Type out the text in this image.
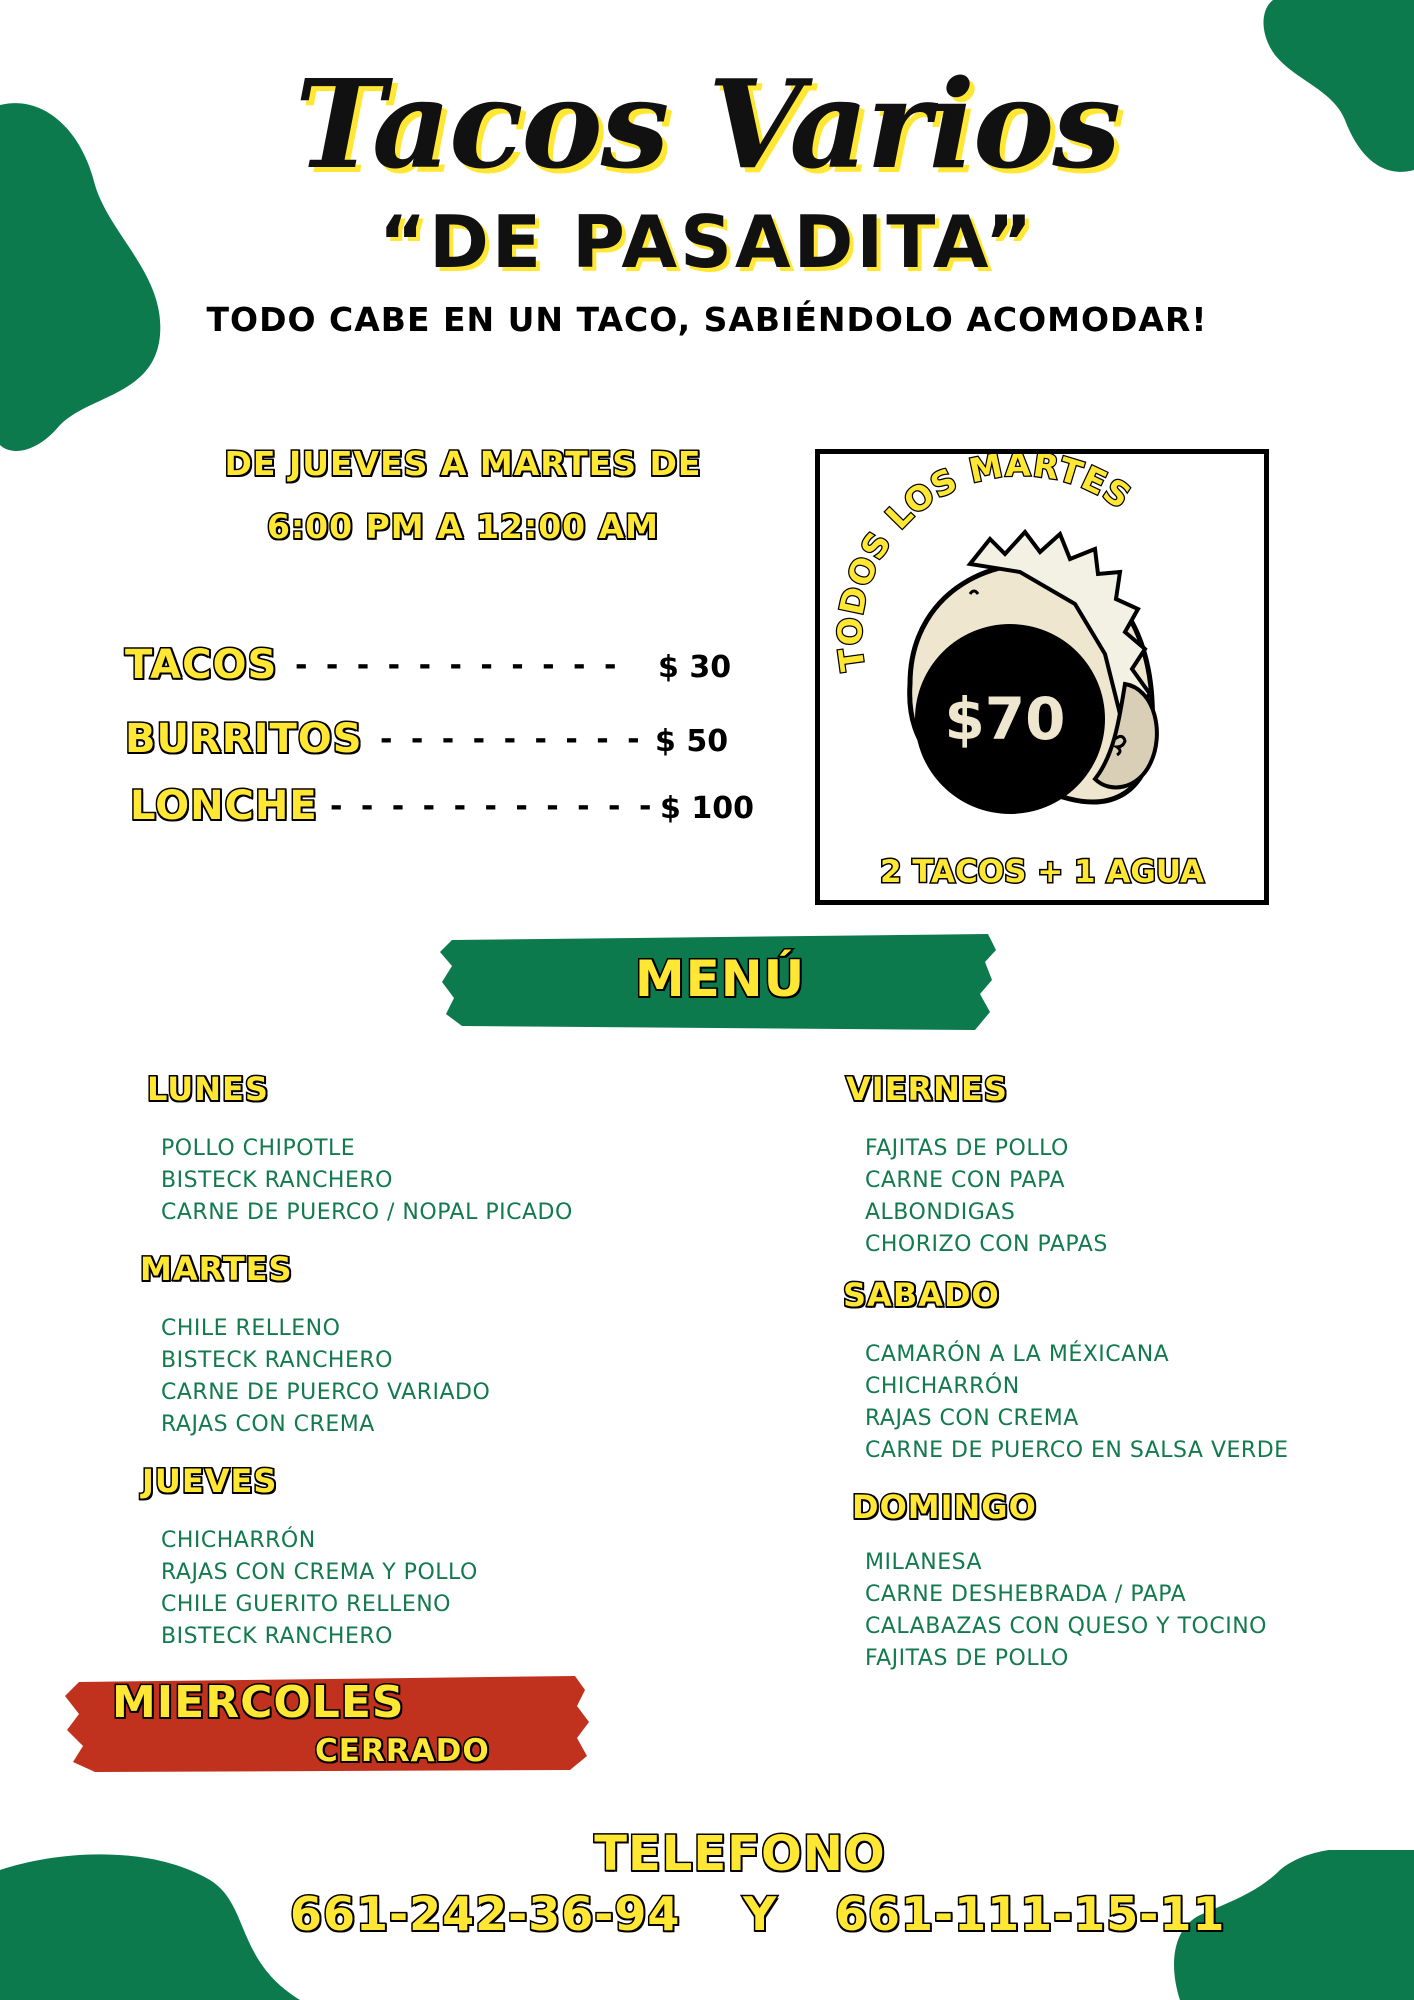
Tacos Varios
“DE PASADITA”
TODO CABE EN UN TACO, SABIÉNDOLO ACOMODAR!
DE JUEVES A MARTES DE
6:00 PM A 12:00 AM
TACOS - - - - - - - - - - - $ 30
BURRITOS - - - - - - - - - $ 50
LONCHE - - - - - - - - - - - $ 100
$70
TODOS LOS MARTES
2 TACOS + 1 AGUA
MENÚ
LUNES
POLLO CHIPOTLE
BISTECK RANCHERO
CARNE DE PUERCO / NOPAL PICADO
MARTES
CHILE RELLENO
BISTECK RANCHERO
CARNE DE PUERCO VARIADO
RAJAS CON CREMA
JUEVES
CHICHARRÓN
RAJAS CON CREMA Y POLLO
CHILE GUERITO RELLENO
BISTECK RANCHERO
MIERCOLES
CERRADO
VIERNES
FAJITAS DE POLLO
CARNE CON PAPA
ALBONDIGAS
CHORIZO CON PAPAS
SABADO
CAMARÓN A LA MÉXICANA
CHICHARRÓN
RAJAS CON CREMA
CARNE DE PUERCO EN SALSA VERDE
DOMINGO
MILANESA
CARNE DESHEBRADA / PAPA
CALABAZAS CON QUESO Y TOCINO
FAJITAS DE POLLO
TELEFONO
661-242-36-94 Y 661-111-15-11
